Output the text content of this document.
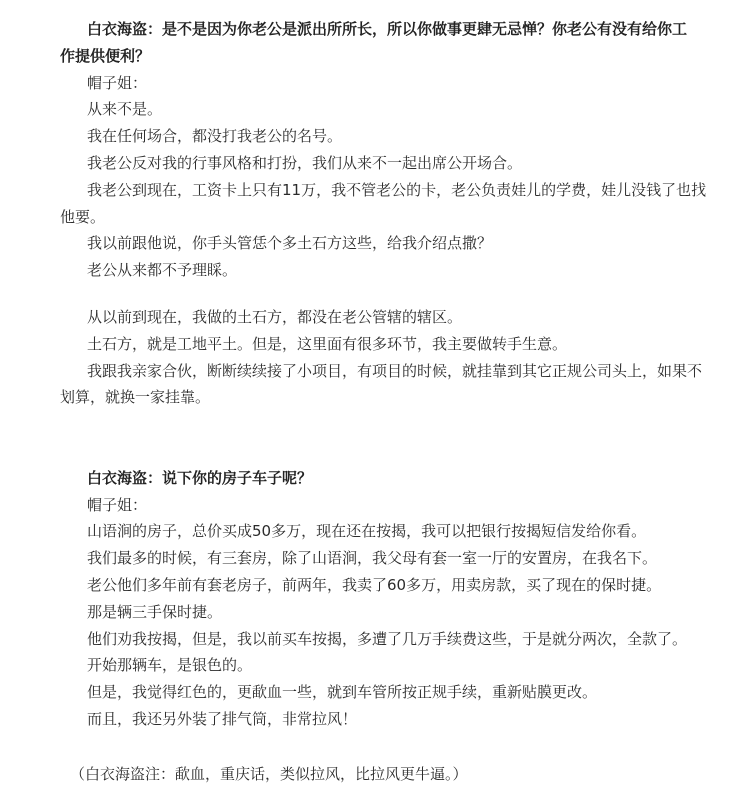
白衣海盗：是不是因为你老公是派出所所长，所以你做事更肆无忌惮？你老公有没有给你工
作提供便利？
帽子姐：
从来不是。
我在任何场合，都没打我老公的名号。
我老公反对我的行事风格和打扮，我们从来不一起出席公开场合。
我老公到现在，工资卡上只有11万，我不管老公的卡，老公负责娃儿的学费，娃儿没钱了也找
他要。
我以前跟他说，你手头管恁个多土石方这些，给我介绍点撒？
老公从来都不予理睬。
从以前到现在，我做的土石方，都没在老公管辖的辖区。
土石方，就是工地平土。但是，这里面有很多环节，我主要做转手生意。
我跟我亲家合伙，断断续续接了小项目，有项目的时候，就挂靠到其它正规公司头上，如果不
划算，就换一家挂靠。
白衣海盗：说下你的房子车子呢？
帽子姐：
山语涧的房子，总价买成50多万，现在还在按揭，我可以把银行按揭短信发给你看。
我们最多的时候，有三套房，除了山语涧，我父母有套一室一厅的安置房，在我名下。
老公他们多年前有套老房子，前两年，我卖了60多万，用卖房款，买了现在的保时捷。
那是辆三手保时捷。
他们劝我按揭，但是，我以前买车按揭，多遭了几万手续费这些，于是就分两次，全款了。
开始那辆车，是银色的。
但是，我觉得红色的，更歃血一些，就到车管所按正规手续，重新贴膜更改。
而且，我还另外装了排气筒，非常拉风！
（白衣海盗注：歃血，重庆话，类似拉风，比拉风更牛逼。）
